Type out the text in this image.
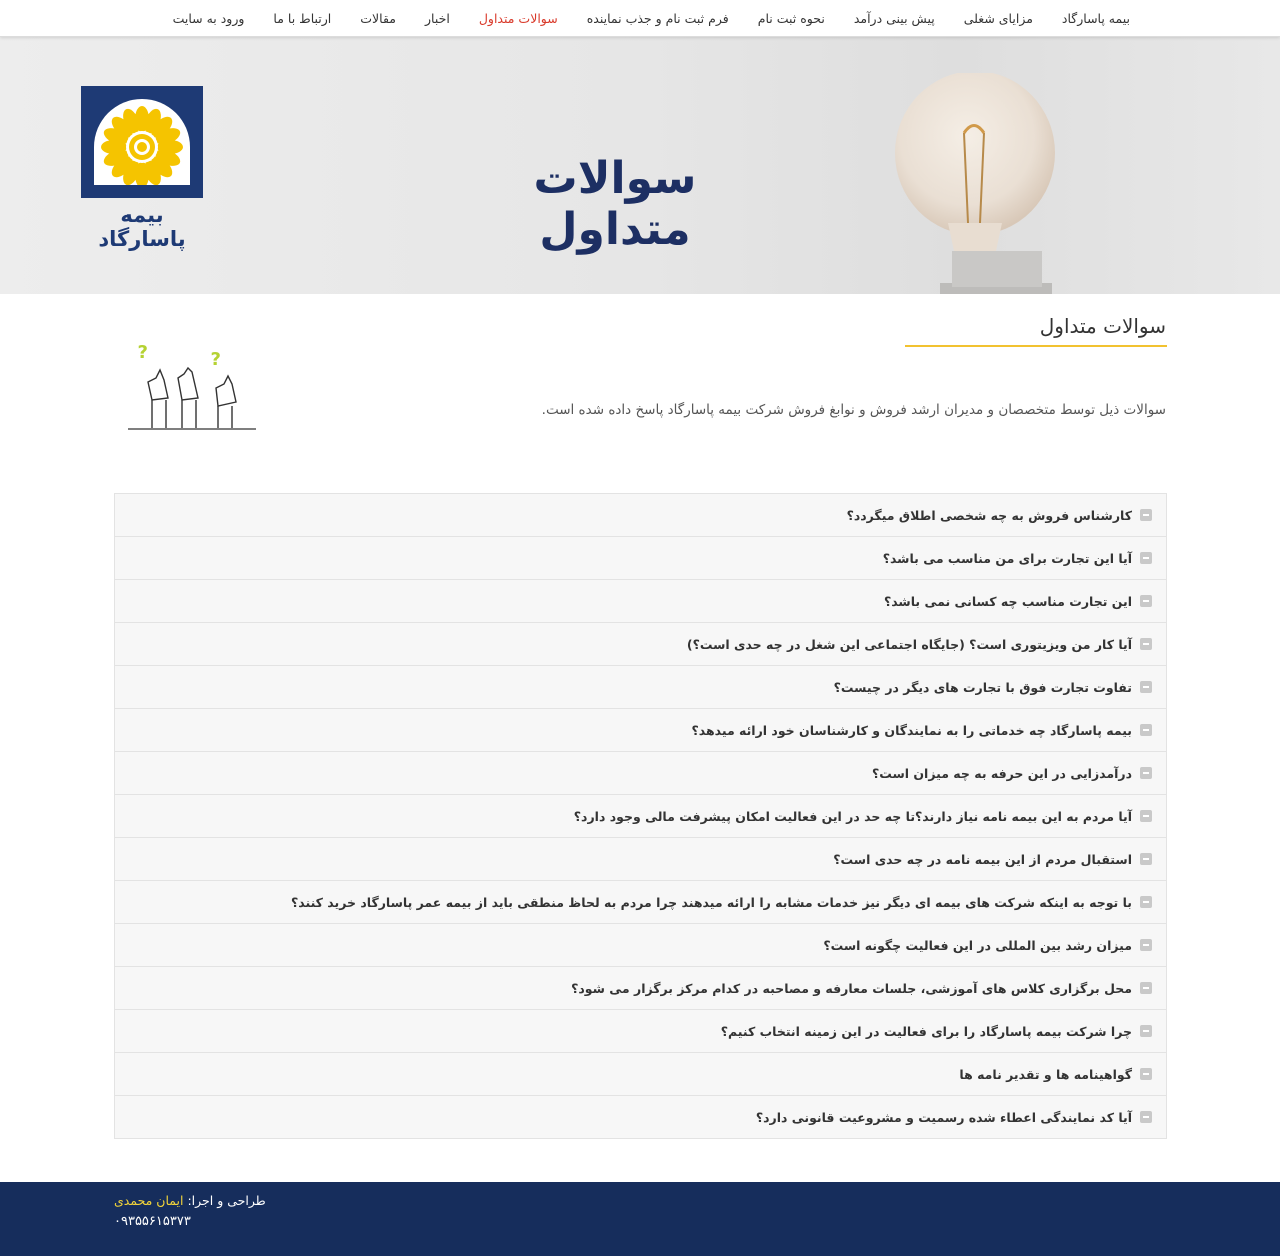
بیمه پاسارگاد
مزایای شغلی
پیش بینی درآمد
نحوه ثبت نام
فرم ثبت نام و جذب نماینده
سوالات متداول
اخبار
مقالات
ارتباط با ما
ورود به سایت
بیمه پاسارگاد
سوالات متداول
سوالات متداول

سوالات ذیل توسط متخصصان و مدیران ارشد فروش و نوابغ فروش شرکت بیمه پاسارگاد پاسخ داده شده است.

?	?
کارشناس فروش به چه شخصی اطلاق میگردد؟
آیا این تجارت برای من مناسب می باشد؟
این تجارت مناسب چه کسانی نمی باشد؟
آیا کار من ویزیتوری است؟ (جایگاه اجتماعی این شغل در چه حدی است؟)
تفاوت تجارت فوق با تجارت های دیگر در چیست؟
بیمه پاسارگاد چه خدماتی را به نمایندگان و کارشناسان خود ارائه میدهد؟
درآمدزایی در این حرفه به چه میزان است؟
آیا مردم به این بیمه نامه نیاز دارند؟تا چه حد در این فعالیت امکان پیشرفت مالی وجود دارد؟
استقبال مردم از این بیمه نامه در چه حدی است؟
با توجه به اینکه شرکت های بیمه ای دیگر نیز خدمات مشابه را ارائه میدهند چرا مردم به لحاظ منطقی باید از بیمه عمر پاسارگاد خرید کنند؟
میزان رشد بین المللی در این فعالیت چگونه است؟
محل برگزاری کلاس های آموزشی، جلسات معارفه و مصاحبه در کدام مرکز برگزار می شود؟
چرا شرکت بیمه پاسارگاد را برای فعالیت در این زمینه انتخاب کنیم؟
گواهینامه ها و تقدیر نامه ها
آیا کد نمایندگی اعطاء شده رسمیت و مشروعیت قانونی دارد؟
طراحی و اجرا: ایمان محمدی
۰۹۳۵۵۶۱۵۳۷۳
